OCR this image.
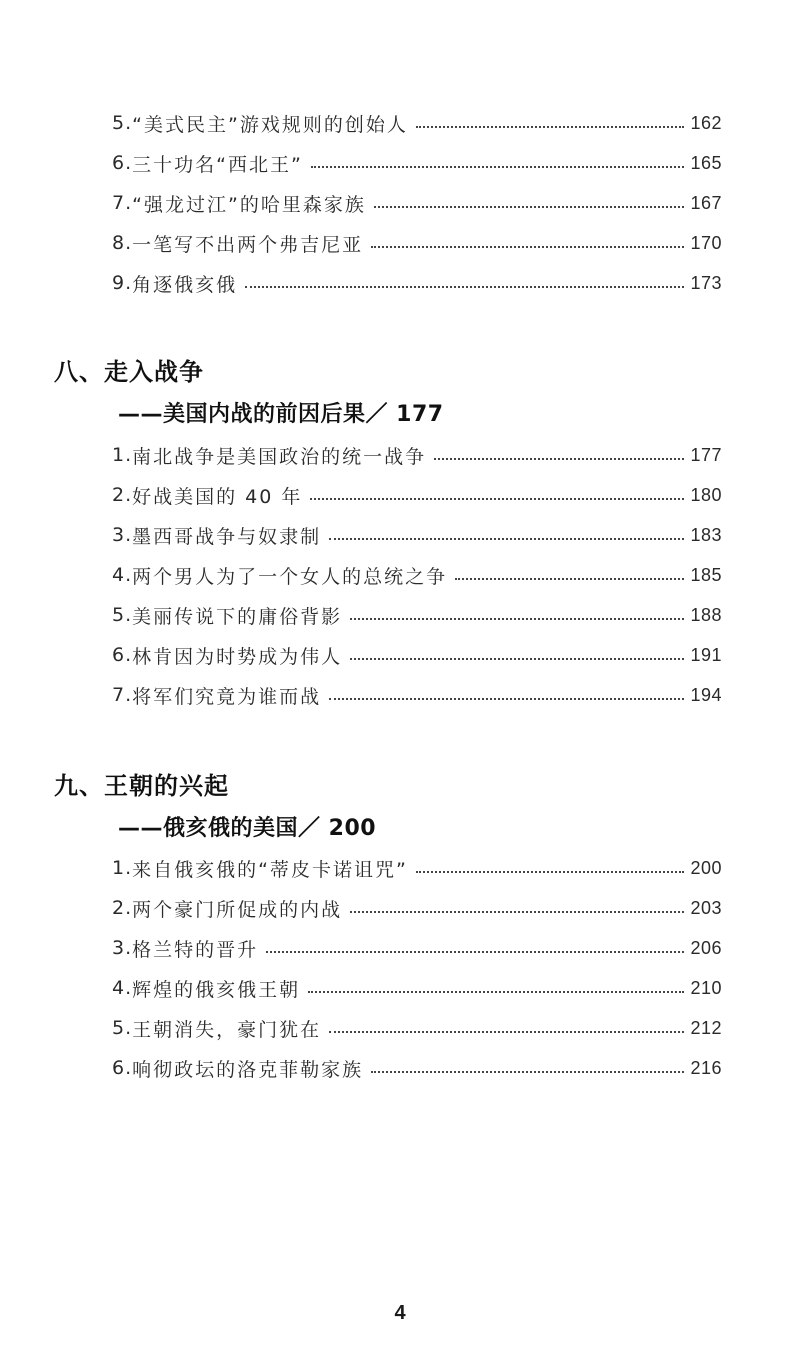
5. “美式民主”游戏规则的创始人	162
6. 三十功名“西北王”	165
7. “强龙过江”的哈里森家族	167
8. 一笔写不出两个弗吉尼亚	170
9. 角逐俄亥俄	173
八、走入战争
——美国内战的前因后果／ 177
1. 南北战争是美国政治的统一战争	177
2. 好战美国的 40 年	180
3. 墨西哥战争与奴隶制	183
4. 两个男人为了一个女人的总统之争	185
5. 美丽传说下的庸俗背影	188
6. 林肯因为时势成为伟人	191
7. 将军们究竟为谁而战	194
九、王朝的兴起
——俄亥俄的美国／ 200
1. 来自俄亥俄的“蒂皮卡诺诅咒”	200
2. 两个豪门所促成的内战	203
3. 格兰特的晋升	206
4. 辉煌的俄亥俄王朝	210
5. 王朝消失，豪门犹在	212
6. 响彻政坛的洛克菲勒家族	216
4
